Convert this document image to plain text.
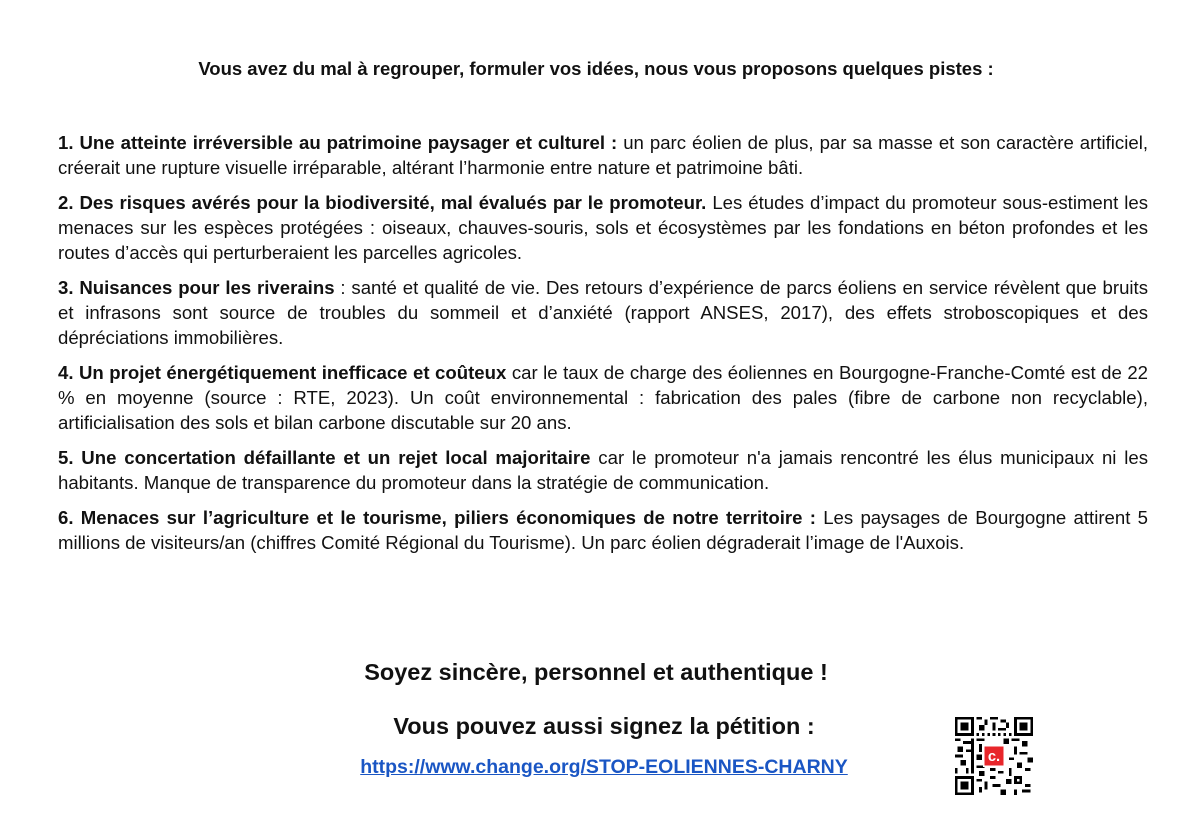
Vous avez du mal à regrouper, formuler vos idées, nous vous proposons quelques pistes :

1. Une atteinte irréversible au patrimoine paysager et culturel : un parc éolien de plus, par sa masse et son caractère artificiel, créerait une rupture visuelle irréparable, altérant l’harmonie entre nature et patrimoine bâti.

2. Des risques avérés pour la biodiversité, mal évalués par le promoteur. Les études d’impact du promoteur sous-estiment les menaces sur les espèces protégées : oiseaux, chauves-souris, sols et écosystèmes par les fondations en béton profondes et les routes d’accès qui perturberaient les parcelles agricoles.

3. Nuisances pour les riverains : santé et qualité de vie. Des retours d’expérience de parcs éoliens en service révèlent que bruits et infrasons sont source de troubles du sommeil et d’anxiété (rapport ANSES, 2017), des effets stroboscopiques et des dépréciations immobilières.

4. Un projet énergétiquement inefficace et coûteux car le taux de charge des éoliennes en Bourgogne-Franche-Comté est de 22 % en moyenne (source : RTE, 2023). Un coût environnemental : fabrication des pales (fibre de carbone non recyclable), artificialisation des sols et bilan carbone discutable sur 20 ans.

5. Une concertation défaillante et un rejet local majoritaire car le promoteur n'a jamais rencontré les élus municipaux ni les habitants. Manque de transparence du promoteur dans la stratégie de communication.

6. Menaces sur l’agriculture et le tourisme, piliers économiques de notre territoire : Les paysages de Bourgogne attirent 5 millions de visiteurs/an (chiffres Comité Régional du Tourisme). Un parc éolien dégraderait l’image de l'Auxois.

Soyez sincère, personnel et authentique !
Vous pouvez aussi signez la pétition :
https://www.change.org/STOP-EOLIENNES-CHARNY	c.
